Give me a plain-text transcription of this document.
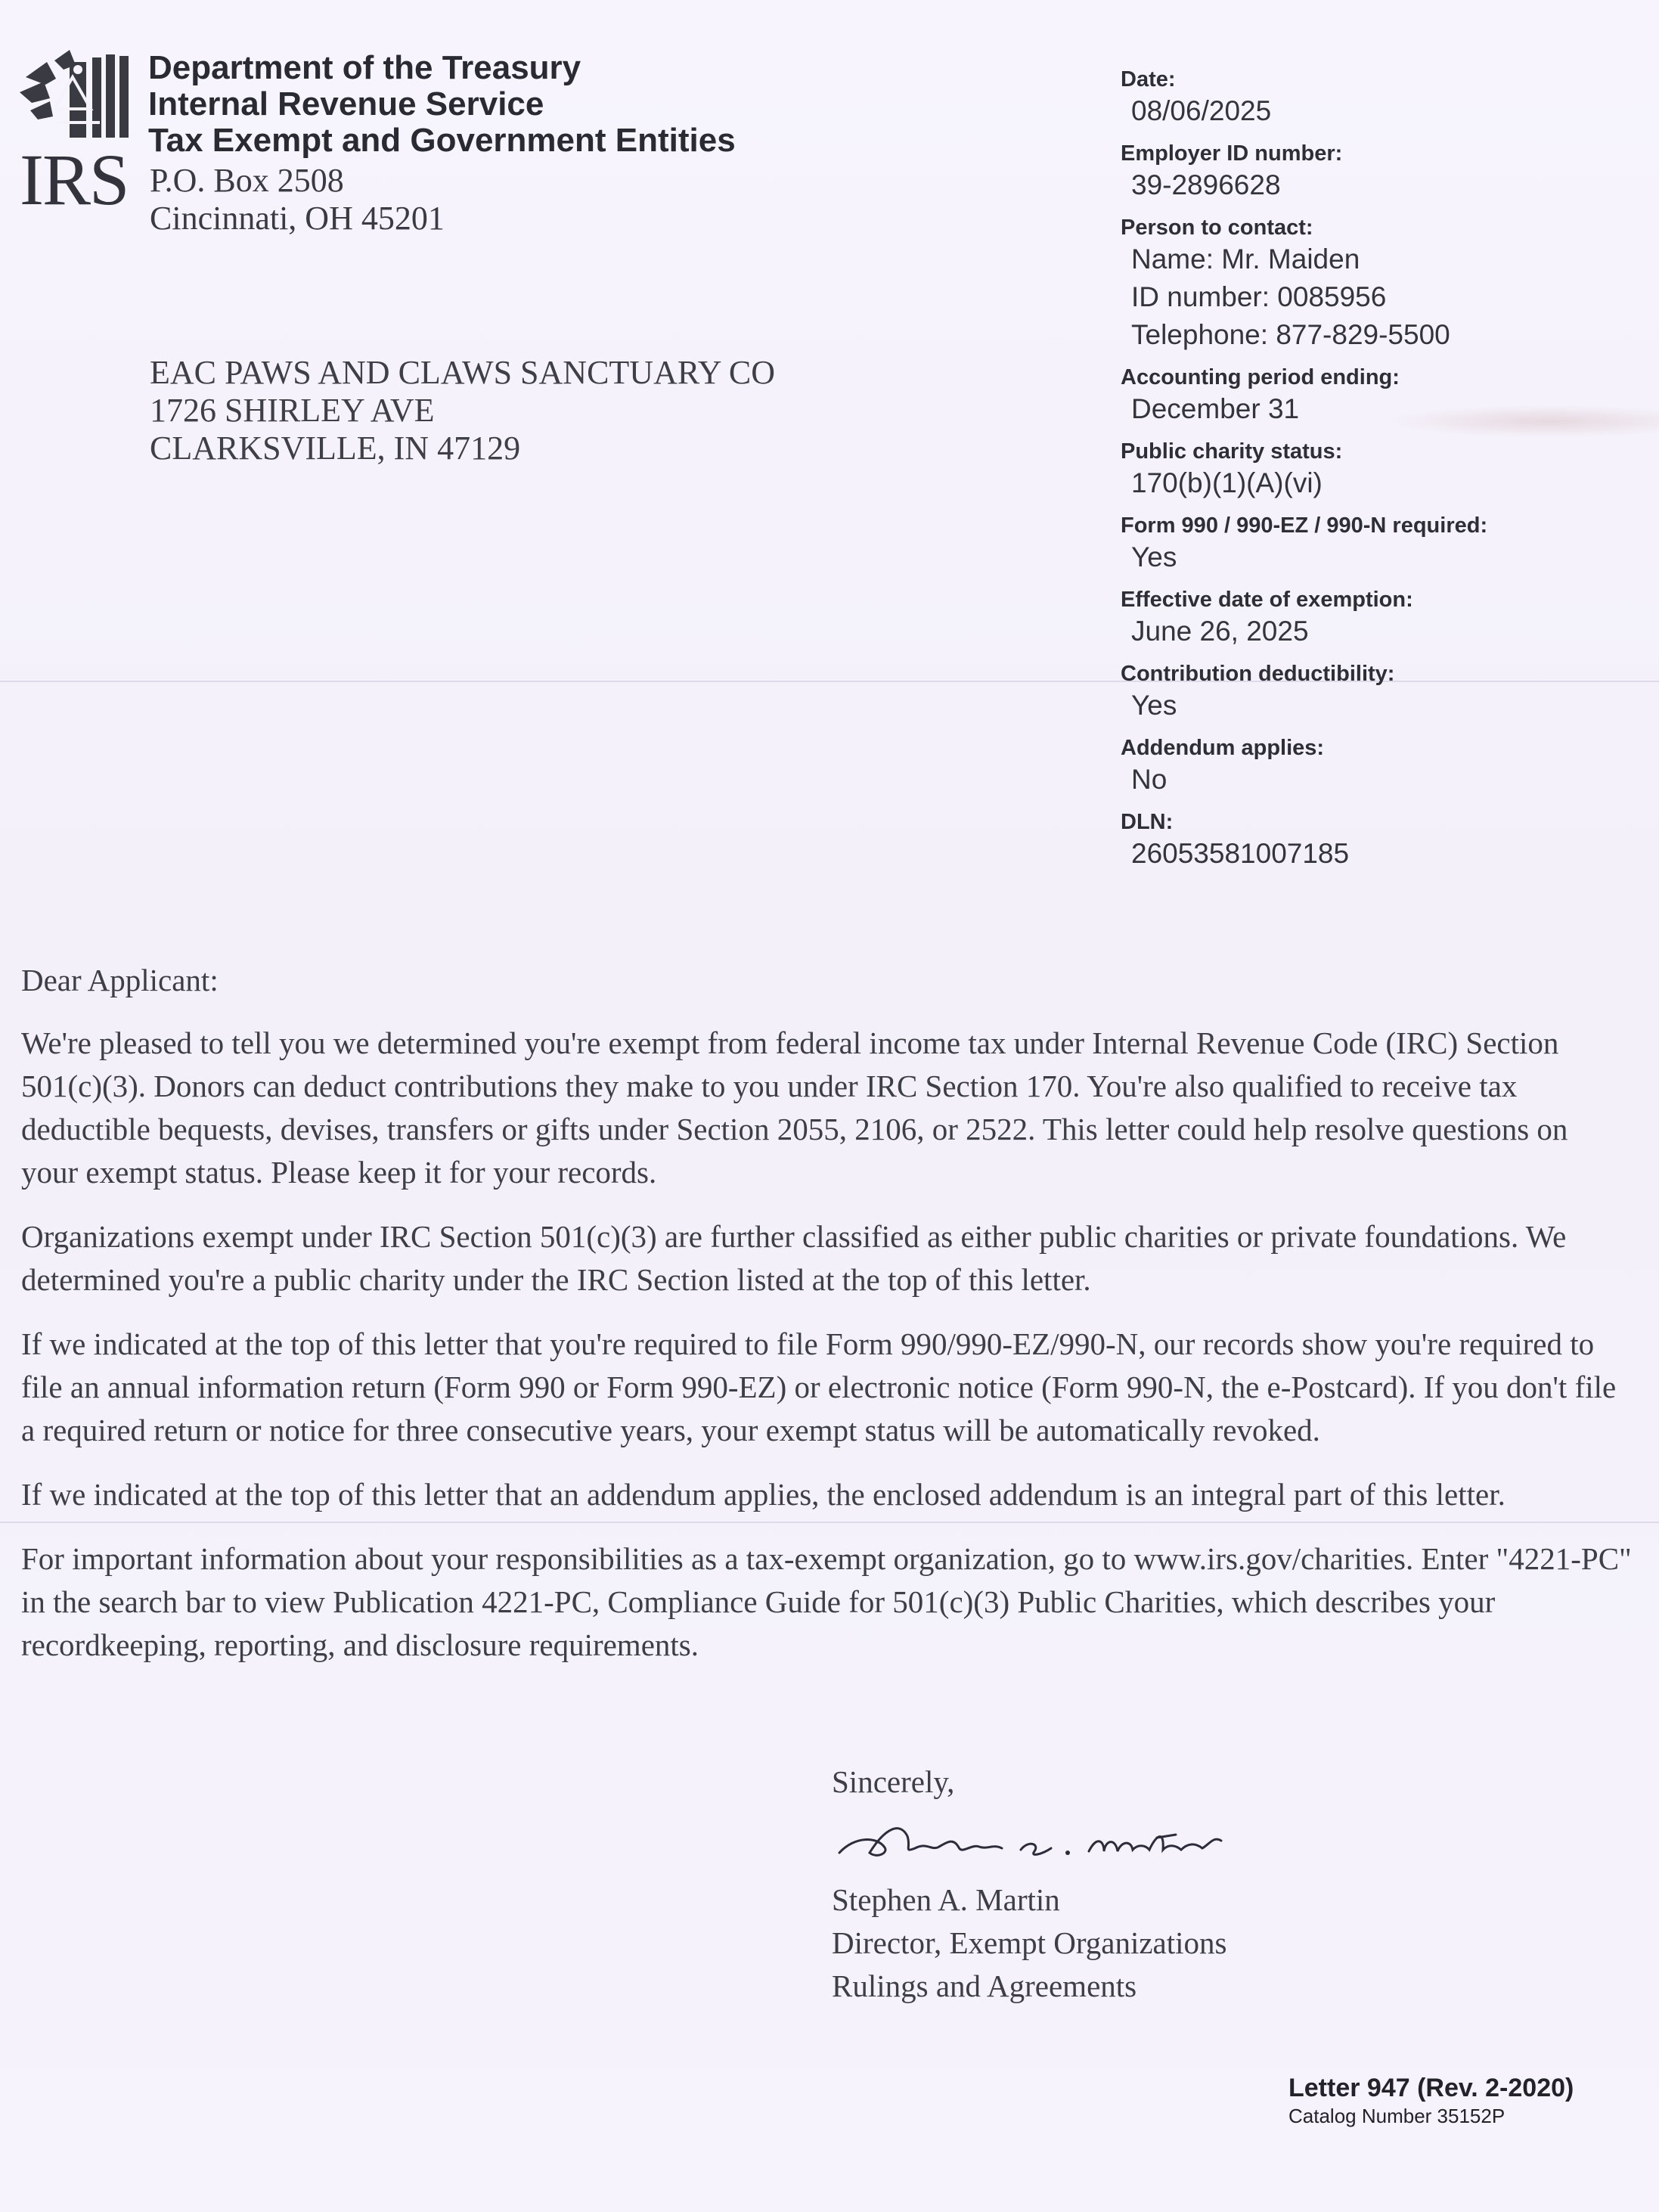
IRS
Department of the Treasury
Internal Revenue Service
Tax Exempt and Government Entities
P.O. Box 2508
Cincinnati, OH 45201
EAC PAWS AND CLAWS SANCTUARY CO
1726 SHIRLEY AVE
CLARKSVILLE, IN 47129
Date:
08/06/2025
Employer ID number:
39-2896628
Person to contact:
Name: Mr. Maiden
ID number: 0085956
Telephone: 877-829-5500
Accounting period ending:
December 31
Public charity status:
170(b)(1)(A)(vi)
Form 990 / 990-EZ / 990-N required:
Yes
Effective date of exemption:
June 26, 2025
Contribution deductibility:
Yes
Addendum applies:
No
DLN:
26053581007185

Dear Applicant:

We're pleased to tell you we determined you're exempt from federal income tax under Internal Revenue Code (IRC) Section 501(c)(3). Donors can deduct contributions they make to you under IRC Section 170. You're also qualified to receive tax deductible bequests, devises, transfers or gifts under Section 2055, 2106, or 2522. This letter could help resolve questions on your exempt status. Please keep it for your records.

Organizations exempt under IRC Section 501(c)(3) are further classified as either public charities or private foundations. We determined you're a public charity under the IRC Section listed at the top of this letter.

If we indicated at the top of this letter that you're required to file Form 990/990-EZ/990-N, our records show you're required to file an annual information return (Form 990 or Form 990-EZ) or electronic notice (Form 990-N, the e-Postcard). If you don't file a required return or notice for three consecutive years, your exempt status will be automatically revoked.

If we indicated at the top of this letter that an addendum applies, the enclosed addendum is an integral part of this letter.

For important information about your responsibilities as a tax-exempt organization, go to www.irs.gov/charities. Enter "4221-PC" in the search bar to view Publication 4221-PC, Compliance Guide for 501(c)(3) Public Charities, which describes your recordkeeping, reporting, and disclosure requirements.

Sincerely,
Stephen A. Martin
Director, Exempt Organizations
Rulings and Agreements
Letter 947 (Rev. 2-2020)
Catalog Number 35152P
